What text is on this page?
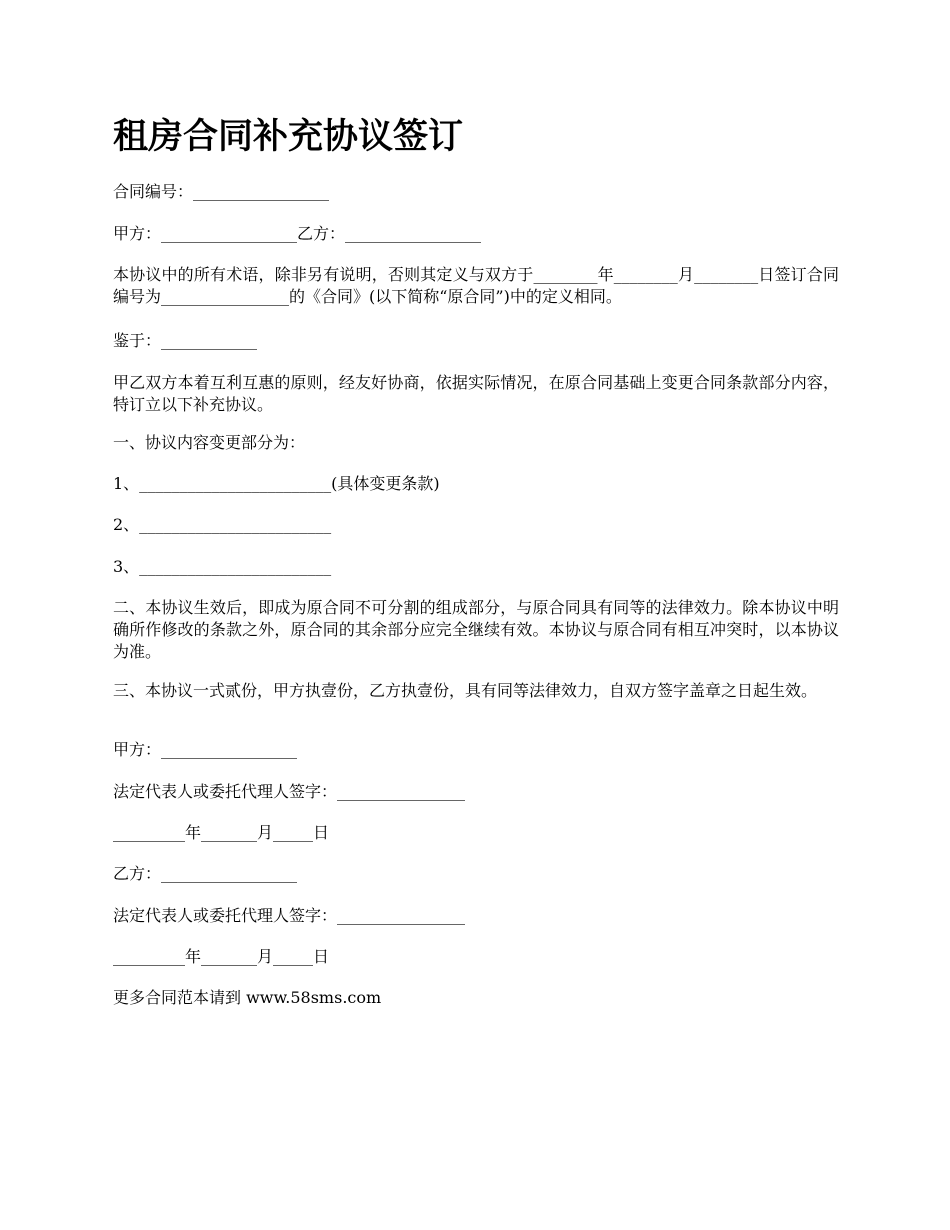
租房合同补充协议签订
合同编号：_________________
甲方：_________________乙方：_________________
本协议中的所有术语，除非另有说明，否则其定义与双方于________年________月________日签订合同编号为________________的《合同》(以下简称“原合同”)中的定义相同。
鉴于：____________
甲乙双方本着互利互惠的原则，经友好协商，依据实际情况，在原合同基础上变更合同条款部分内容，特订立以下补充协议。
一、协议内容变更部分为：
1、________________________(具体变更条款)
2、________________________
3、________________________
二、本协议生效后，即成为原合同不可分割的组成部分，与原合同具有同等的法律效力。除本协议中明确所作修改的条款之外，原合同的其余部分应完全继续有效。本协议与原合同有相互冲突时，以本协议为准。
三、本协议一式贰份，甲方执壹份，乙方执壹份，具有同等法律效力，自双方签字盖章之日起生效。
甲方：_________________
法定代表人或委托代理人签字：________________
_________年_______月_____日
乙方：_________________
法定代表人或委托代理人签字：________________
_________年_______月_____日
更多合同范本请到 www.58sms.com
